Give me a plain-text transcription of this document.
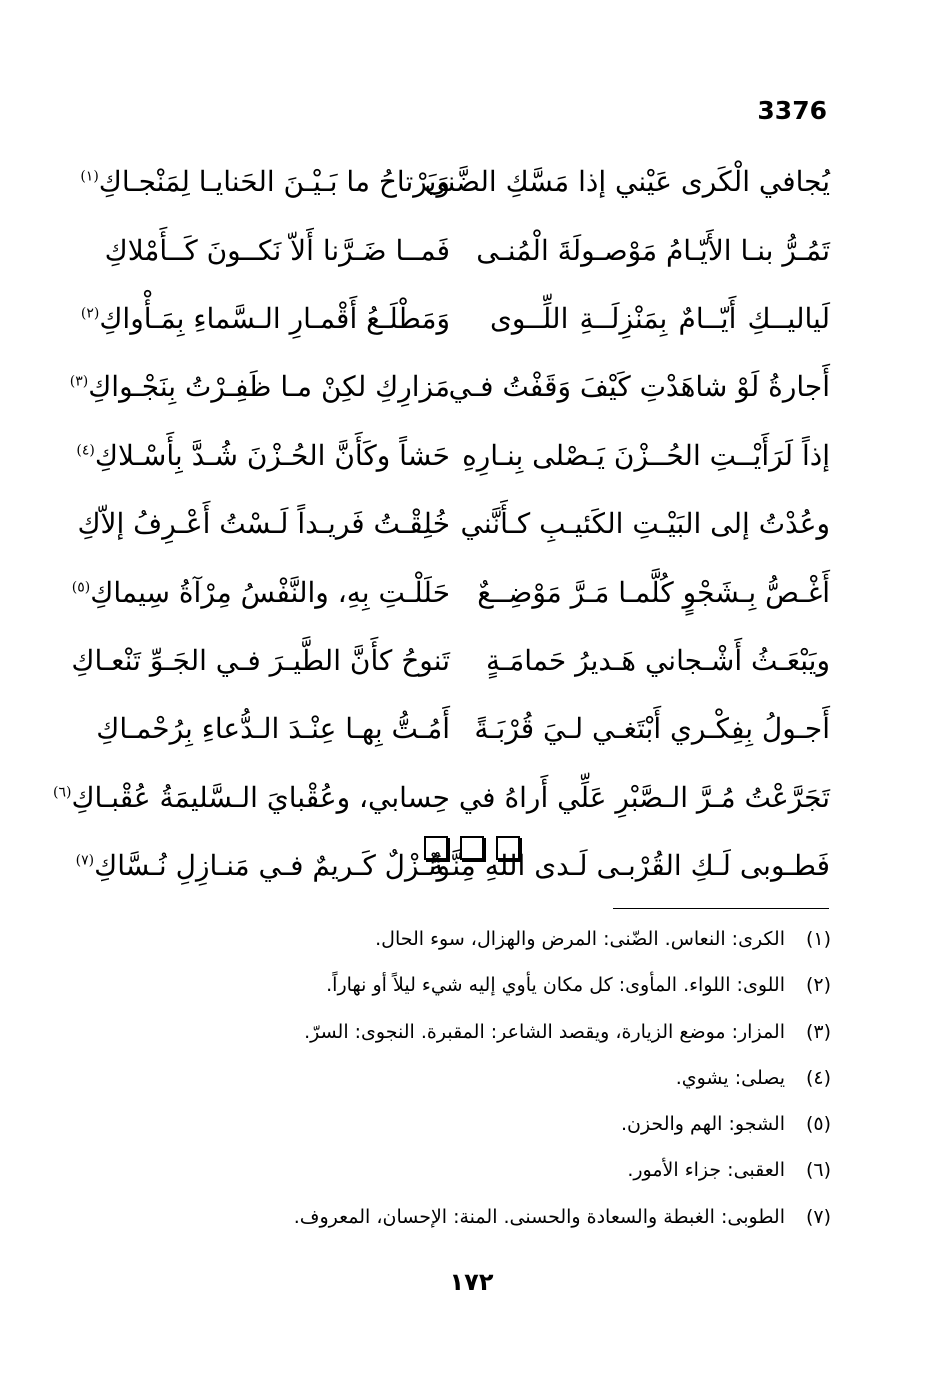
3376
يُجافي الْكَرى عَيْني إذا مَسَّكِ الضَّنى
وَيَرْتاحُ ما بَـيْـنَ الحَنايـا لِمَنْجـاكِ$^{(١)}$
تَمُـرُّ بنـا الأَيّـامُ مَوْصـولَةَ الْمُنـى
فَمــا ضَـرَّنا أَلاّ نَكــونَ كَــأَمْلاكِ
لَياليــكِ أَيّــامٌ بِمَنْزِلَــةِ اللِّــوى
وَمَطْلَـعُ أَقْمـارِ الـسَّماءِ بِمَـأْواكِ$^{(٢)}$
أَجارةُ لَوْ شاهَدْتِ كَيْفَ وَقَفْتُ فـي
مَزارِكِ لكِنْ مـا ظَفِـرْتُ بِنَجْـواكِ$^{(٣)}$
إذاً لَرَأَيْــتِ الحُــزْنَ يَـصْلى بِنـارِهِ
حَشاً وكَأَنَّ الحُـزْنَ شُـدَّ بِأَسْـلاكِ$^{(٤)}$
وعُدْتُ إلى البَيْـتِ الكَئيـبِ كـأَنَّني
خُلِقْـتُ فَريـداً لَـسْتُ أَعْـرِفُ إلاّكِ
أَغْـصُّ بِـشَجْوٍ كُلَّمـا مَـرَّ مَوْضِــعٌ
حَلَلْـتِ بِهِ، والنَّفْسُ مِرْآةُ سِيماكِ$^{(٥)}$
ويَبْعَـثُ أَشْـجاني هَـديرُ حَمامَـةٍ
تَنوحُ كأَنَّ الطَّيـرَ فـي الجَـوِّ تَنْعـاكِ
أَجـولُ بِفِكْـري أَبْتَغـي لـيَ قُرْبَـةً
أَمُـتُّ بِهـا عِنْـدَ الـدُّعاءِ بِرُحْمـاكِ
تَجَرَّعْتُ مُـرَّ الـصَّبْرِ عَلِّي أَراهُ في
حِسابي، وعُقْبايَ الـسَّليمَةُ عُقْبـاكِ$^{(٦)}$
فَطـوبى لَـكِ القُرْبـى لَـدى اللهِ مِنَّـةٌ
ونُـزْلٌ كَـريمٌ فـي مَنـازِلِ نُـسَّاكِ$^{(٧)}$
(١)
الكرى: النعاس. الضّنى: المرض والهزال، سوء الحال.
(٢)
اللوى: اللواء. المأوى: كل مكان يأوي إليه شيء ليلاً أو نهاراً.
(٣)
المزار: موضع الزيارة، ويقصد الشاعر: المقبرة. النجوى: السرّ.
(٤)
يصلى: يشوي.
(٥)
الشجو: الهم والحزن.
(٦)
العقبى: جزاء الأمور.
(٧)
الطوبى: الغبطة والسعادة والحسنى. المنة: الإحسان، المعروف.
١٧٢
